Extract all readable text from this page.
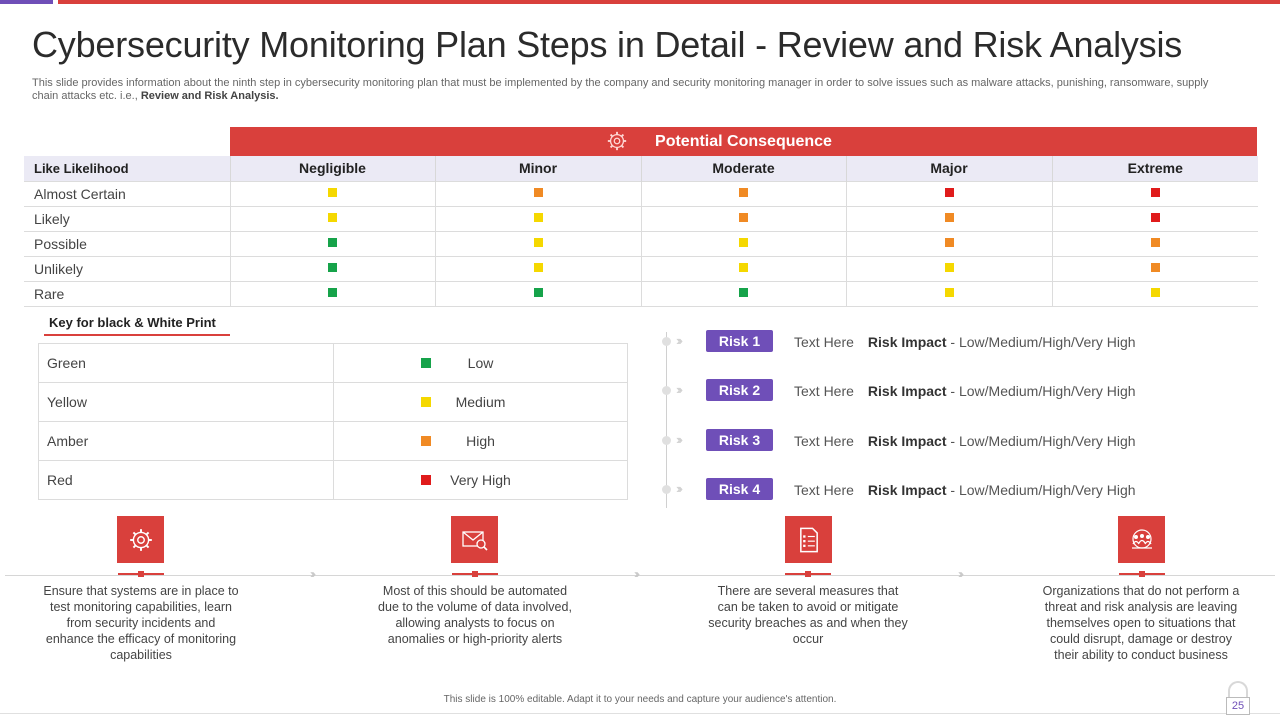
Cybersecurity Monitoring Plan Steps in Detail - Review and Risk Analysis
This slide provides information about the ninth step in cybersecurity monitoring plan that must be implemented by the company and security monitoring manager in order to solve issues such as malware attacks, punishing, ransomware, supply chain attacks etc. i.e., Review and Risk Analysis.
Potential Consequence
Like Likelihood	Negligible	Minor	Moderate	Major	Extreme
Almost Certain					
Likely					
Possible					
Unlikely					
Rare					
Key for black & White Print
Green	Low
Yellow	Medium
Amber	High
Red	Very High
›››	Risk 1	Text Here Risk Impact - Low/Medium/High/Very High
›››	Risk 2	Text Here Risk Impact - Low/Medium/High/Very High
›››	Risk 3	Text Here Risk Impact - Low/Medium/High/Very High
›››	Risk 4	Text Here Risk Impact - Low/Medium/High/Very High
Ensure that systems are in place to test monitoring capabilities, learn from security incidents and enhance the efficacy of monitoring capabilities
›››
Most of this should be automated due to the volume of data involved, allowing analysts to focus on anomalies or high-priority alerts
›››
There are several measures that can be taken to avoid or mitigate security breaches as and when they occur
›››
Organizations that do not perform a threat and risk analysis are leaving themselves open to situations that could disrupt, damage or destroy their ability to conduct business
This slide is 100% editable. Adapt it to your needs and capture your audience's attention.
25
